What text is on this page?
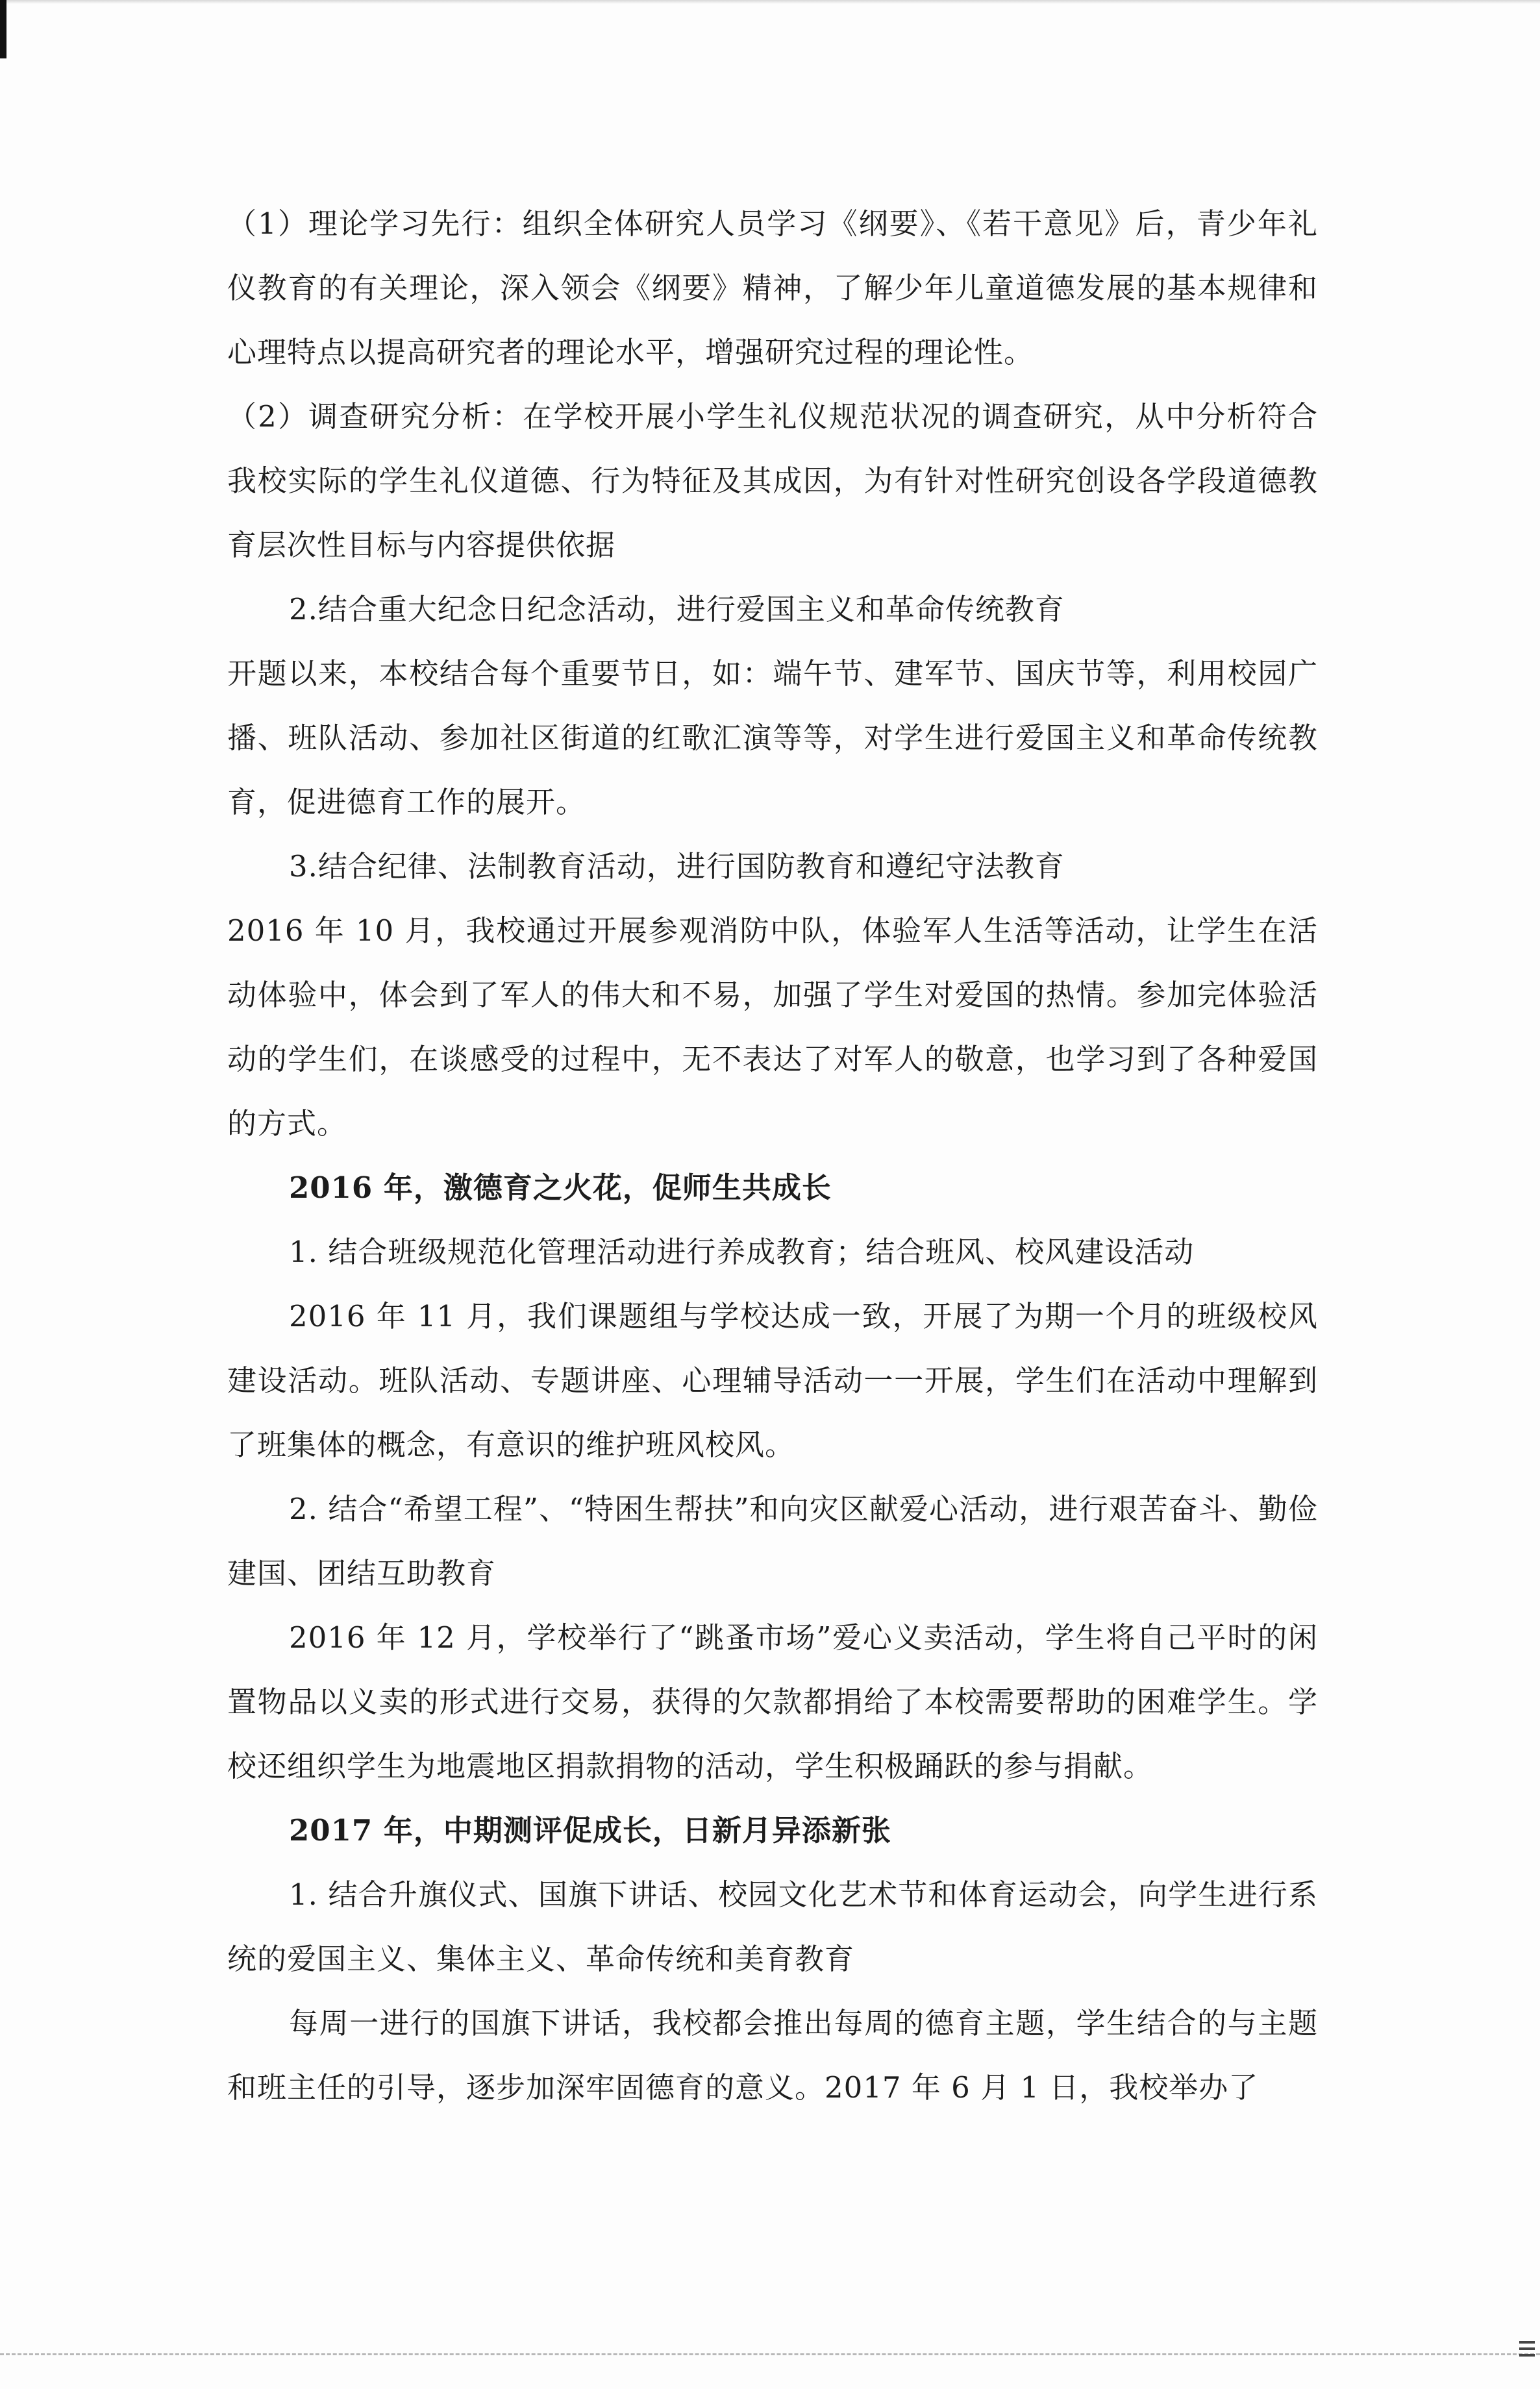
（1）理论学习先行：组织全体研究人员学习《纲要》、《若干意见》后，青少年礼仪教育的有关理论，深入领会《纲要》精神，了解少年儿童道德发展的基本规律和心理特点以提高研究者的理论水平，增强研究过程的理论性。

（2）调查研究分析：在学校开展小学生礼仪规范状况的调查研究，从中分析符合我校实际的学生礼仪道德、行为特征及其成因，为有针对性研究创设各学段道德教育层次性目标与内容提供依据

2.结合重大纪念日纪念活动，进行爱国主义和革命传统教育

开题以来，本校结合每个重要节日，如：端午节、建军节、国庆节等，利用校园广播、班队活动、参加社区街道的红歌汇演等等，对学生进行爱国主义和革命传统教育，促进德育工作的展开。

3.结合纪律、法制教育活动，进行国防教育和遵纪守法教育

2016 年 10 月，我校通过开展参观消防中队，体验军人生活等活动，让学生在活动体验中，体会到了军人的伟大和不易，加强了学生对爱国的热情。参加完体验活动的学生们，在谈感受的过程中，无不表达了对军人的敬意，也学习到了各种爱国的方式。

2016 年，激德育之火花，促师生共成长

1. 结合班级规范化管理活动进行养成教育；结合班风、校风建设活动

2016 年 11 月，我们课题组与学校达成一致，开展了为期一个月的班级校风建设活动。班队活动、专题讲座、心理辅导活动一一开展，学生们在活动中理解到了班集体的概念，有意识的维护班风校风。

2. 结合“希望工程”、“特困生帮扶”和向灾区献爱心活动，进行艰苦奋斗、勤俭建国、团结互助教育

2016 年 12 月，学校举行了“跳蚤市场”爱心义卖活动，学生将自己平时的闲置物品以义卖的形式进行交易，获得的欠款都捐给了本校需要帮助的困难学生。学校还组织学生为地震地区捐款捐物的活动，学生积极踊跃的参与捐献。

2017 年，中期测评促成长，日新月异添新张

1. 结合升旗仪式、国旗下讲话、校园文化艺术节和体育运动会，向学生进行系统的爱国主义、集体主义、革命传统和美育教育

每周一进行的国旗下讲话，我校都会推出每周的德育主题，学生结合的与主题和班主任的引导，逐步加深牢固德育的意义。2017 年 6 月 1 日，我校举办了
